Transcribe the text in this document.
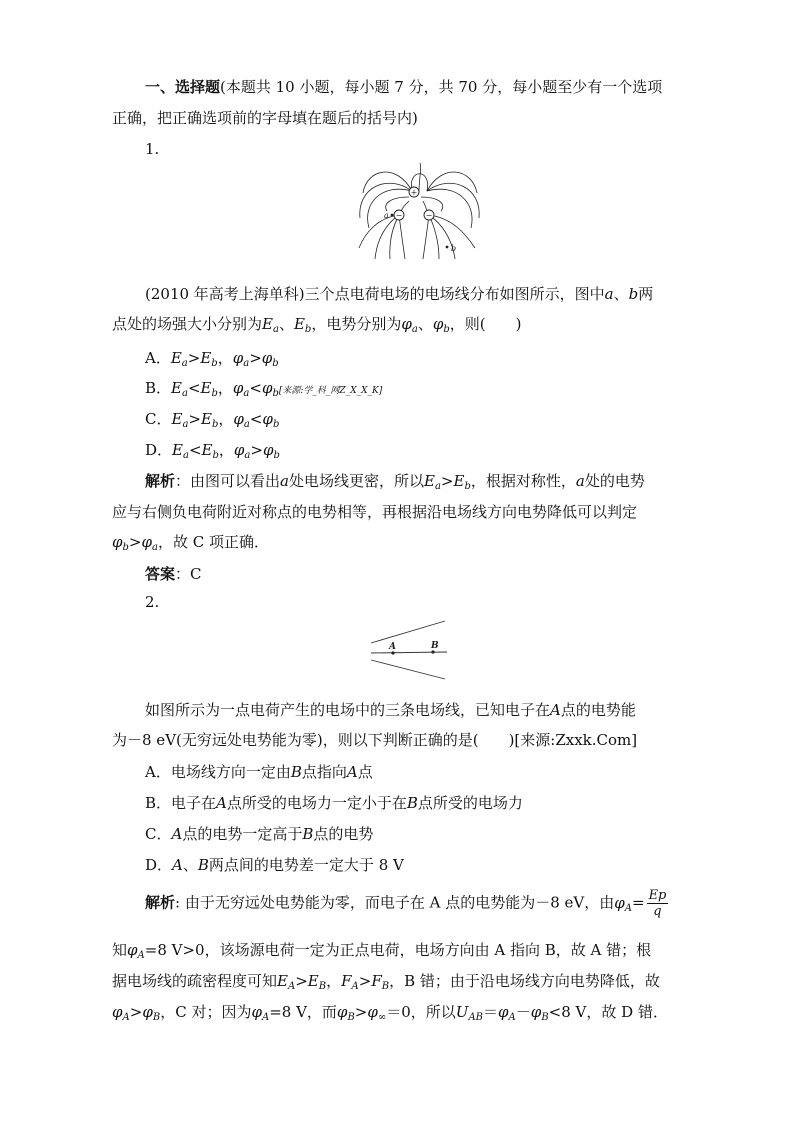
一、选择题(本题共 10 小题，每小题 7 分，共 70 分，每小题至少有一个选项
正确，把正确选项前的字母填在题后的括号内)
1.
+
−	−
a
b
(2010 年高考上海单科)三个点电荷电场的电场线分布如图所示，图中a、b两
点处的场强大小分别为$E_a$、$E_b$，电势分别为$\varphi_a$、$\varphi_b$，则(　　)
A．$E_a>E_b$，$\varphi_a>\varphi_b$
B．$E_a<E_b$，$\varphi_a<\varphi_b$[来源:学_科_网Z_X_X_K]
C．$E_a>E_b$，$\varphi_a<\varphi_b$
D．$E_a<E_b$，$\varphi_a>\varphi_b$
解析：由图可以看出a处电场线更密，所以$E_a>E_b$，根据对称性，a处的电势
应与右侧负电荷附近对称点的电势相等，再根据沿电场线方向电势降低可以判定
$\varphi_b>\varphi_a$，故 C 项正确．
答案：C
2.
A	B
如图所示为一点电荷产生的电场中的三条电场线，已知电子在A点的电势能
为－8 eV(无穷远处电势能为零)，则以下判断正确的是(　　)[来源:Zxxk.Com]
A．电场线方向一定由B点指向A点
B．电子在A点所受的电场力一定小于在B点所受的电场力
C．A点的电势一定高于B点的电势
D．A、B两点间的电势差一定大于 8 V
解析: 由于无穷远处电势能为零，而电子在 A 点的电势能为－8 eV，由$\varphi_A= \frac{Ep}{q}$
知$\varphi_A=8$ V>0，该场源电荷一定为正点电荷，电场方向由 A 指向 B，故 A 错；根
据电场线的疏密程度可知$E_A>E_B$，$F_A>F_B$，B 错；由于沿电场线方向电势降低，故
$\varphi_A>\varphi_B$，C 对；因为$\varphi_A=8$ V，而$\varphi_B>\varphi_\infty=0$，所以$U_{AB}=\varphi_A-\varphi_B<8$ V，故 D 错．
